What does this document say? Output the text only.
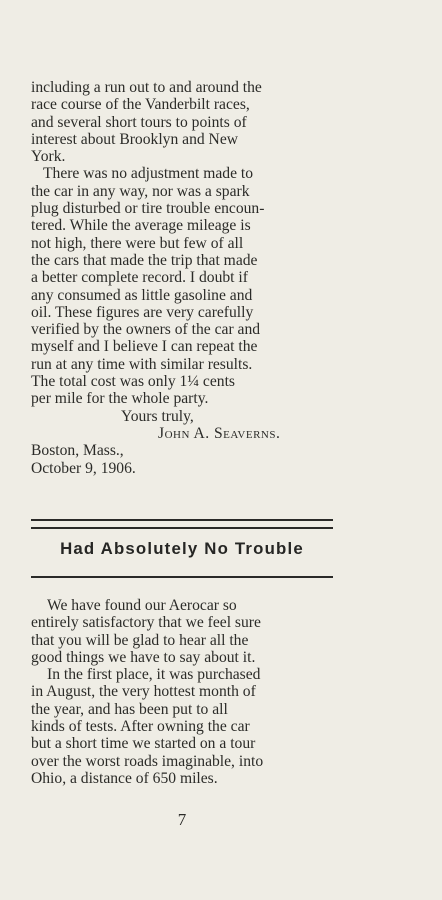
including a run out to and around the
race course of the Vanderbilt races,
and several short tours to points of
interest about Brooklyn and New
York.

There was no adjustment made to
the car in any way, nor was a spark
plug disturbed or tire trouble encoun-
tered. While the average mileage is
not high, there were but few of all
the cars that made the trip that made
a better complete record. I doubt if
any consumed as little gasoline and
oil. These figures are very carefully
verified by the owners of the car and
myself and I believe I can repeat the
run at any time with similar results.
The total cost was only 1¼ cents
per mile for the whole party.

Yours truly,

John A. Seaverns.

Boston, Mass.,

October 9, 1906.

Had Absolutely No Trouble

We have found our Aerocar so
entirely satisfactory that we feel sure
that you will be glad to hear all the
good things we have to say about it.

In the first place, it was purchased
in August, the very hottest month of
the year, and has been put to all
kinds of tests. After owning the car
but a short time we started on a tour
over the worst roads imaginable, into
Ohio, a distance of 650 miles.

7
